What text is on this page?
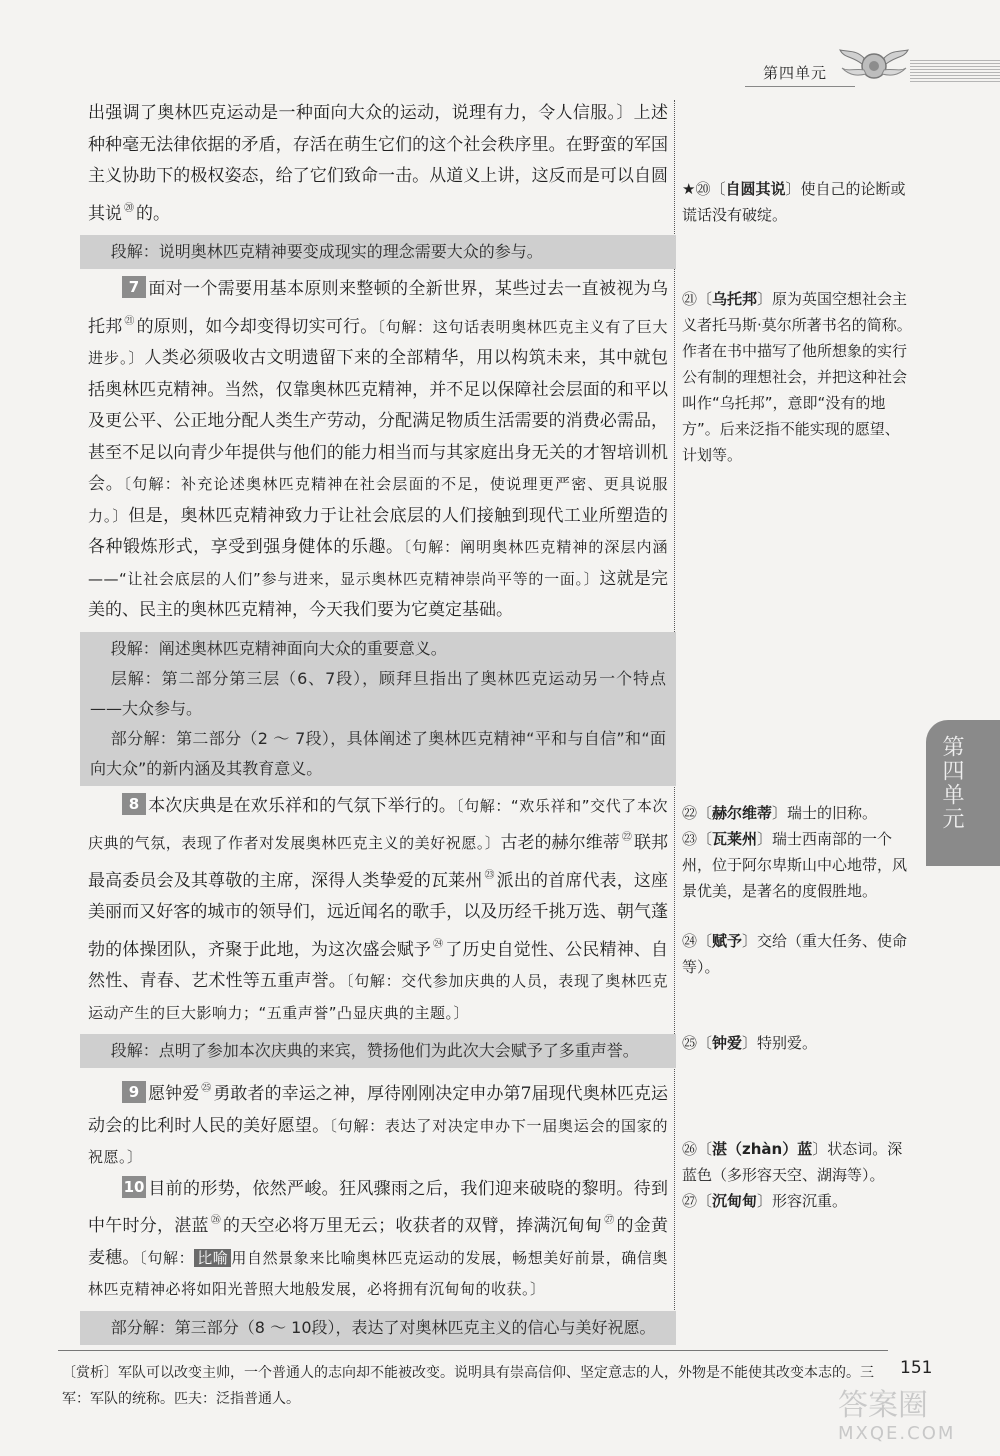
第四单元
出强调了奥林匹克运动是一种面向大众的运动，说理有力，令人信服。〕上述种种毫无法律依据的矛盾，存活在萌生它们的这个社会秩序里。在野蛮的军国主义协助下的极权姿态，给了它们致命一击。从道义上讲，这反而是可以自圆其说 ⑳ 的。
段解：说明奥林匹克精神要变成现实的理念需要大众的参与。
7 面对一个需要用基本原则来整顿的全新世界，某些过去一直被视为乌托邦 $^㉑$ 的原则，如今却变得切实可行。〔句解：这句话表明奥林匹克主义有了巨大进步。〕人类必须吸收古文明遗留下来的全部精华，用以构筑未来，其中就包括奥林匹克精神。当然，仅靠奥林匹克精神，并不足以保障社会层面的和平以及更公平、公正地分配人类生产劳动，分配满足物质生活需要的消费必需品，甚至不足以向青少年提供与他们的能力相当而与其家庭出身无关的才智培训机会。〔句解：补充论述奥林匹克精神在社会层面的不足，使说理更严密、更具说服力。〕但是，奥林匹克精神致力于让社会底层的人们接触到现代工业所塑造的各种锻炼形式，享受到强身健体的乐趣。〔句解：阐明奥林匹克精神的深层内涵——“让社会底层的人们”参与进来，显示奥林匹克精神崇尚平等的一面。〕这就是完美的、民主的奥林匹克精神，今天我们要为它奠定基础。
段解：阐述奥林匹克精神面向大众的重要意义。
层解：第二部分第三层（6、7段），顾拜旦指出了奥林匹克运动另一个特点——大众参与。
部分解：第二部分（2 ～ 7段），具体阐述了奥林匹克精神“平和与自信”和“面向大众”的新内涵及其教育意义。
8 本次庆典是在欢乐祥和的气氛下举行的。〔句解：“欢乐祥和”交代了本次庆典的气氛，表现了作者对发展奥林匹克主义的美好祝愿。〕古老的赫尔维蒂 $^㉒$ 联邦最高委员会及其尊敬的主席，深得人类挚爱的瓦莱州 $^㉓$ 派出的首席代表，这座美丽而又好客的城市的领导们，远近闻名的歌手，以及历经千挑万选、朝气蓬勃的体操团队，齐聚于此地，为这次盛会赋予 $^㉔$ 了历史自觉性、公民精神、自然性、青春、艺术性等五重声誉。〔句解：交代参加庆典的人员，表现了奥林匹克运动产生的巨大影响力；“五重声誉”凸显庆典的主题。〕
段解：点明了参加本次庆典的来宾，赞扬他们为此次大会赋予了多重声誉。
9 愿钟爱 $^㉕$ 勇敢者的幸运之神，厚待刚刚决定申办第7届现代奥林匹克运动会的比利时人民的美好愿望。〔句解：表达了对决定申办下一届奥运会的国家的祝愿。〕
10 目前的形势，依然严峻。狂风骤雨之后，我们迎来破晓的黎明。待到中午时分，湛蓝 $^㉖$ 的天空必将万里无云；收获者的双臂，捧满沉甸甸 $^㉗$ 的金黄麦穗。〔句解： 比喻 用自然景象来比喻奥林匹克运动的发展，畅想美好前景，确信奥林匹克精神必将如阳光普照大地般发展，必将拥有沉甸甸的收获。〕
部分解：第三部分（8 ～ 10段），表达了对奥林匹克主义的信心与美好祝愿。
★⑳〔自圆其说〕使自己的论断或谎话没有破绽。
㉑〔乌托邦〕原为英国空想社会主义者托马斯·莫尔所著书名的简称。作者在书中描写了他所想象的实行公有制的理想社会，并把这种社会叫作“乌托邦”，意即“没有的地方”。后来泛指不能实现的愿望、计划等。
㉒〔赫尔维蒂〕瑞士的旧称。
㉓〔瓦莱州〕瑞士西南部的一个州，位于阿尔卑斯山中心地带，风景优美，是著名的度假胜地。
㉔〔赋予〕交给（重大任务、使命等）。
㉕〔钟爱〕特别爱。
㉖〔湛（zhàn）蓝〕状态词。深蓝色（多形容天空、湖海等）。
㉗〔沉甸甸〕形容沉重。
第四单元
〔赏析〕军队可以改变主帅，一个普通人的志向却不能被改变。说明具有崇高信仰、坚定意志的人，外物是不能使其改变本志的。三军：军队的统称。匹夫：泛指普通人。
151
答案圈
MXQE.COM
